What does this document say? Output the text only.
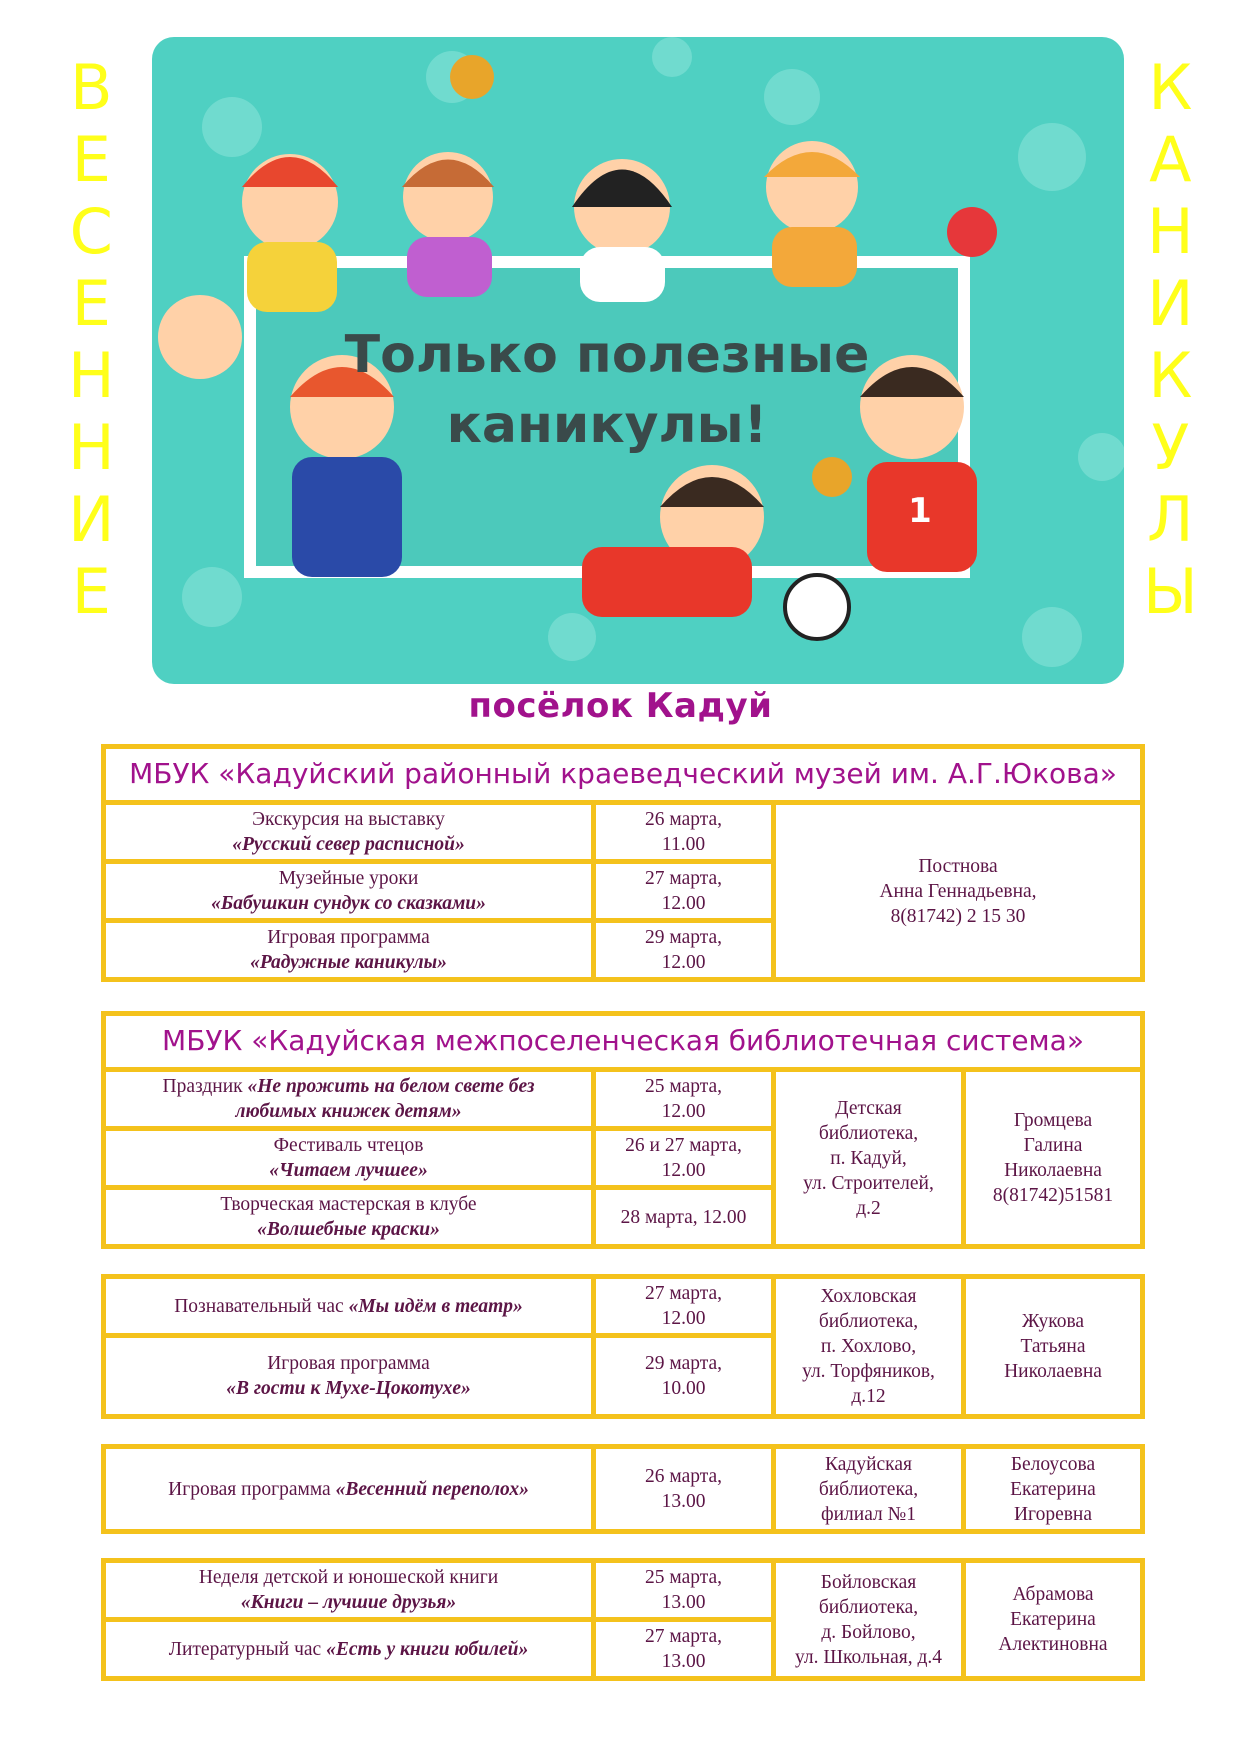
В
Е
С
Е
Н
Н
И
Е
К
А
Н
И
К
У
Л
Ы
Только полезные
каникулы!
1
посёлок Кадуй
МБУК «Кадуйский районный краеведческий музей им. А.Г.Юкова»
Экскурсия на выставку
«Русский север расписной»
26 марта,
11.00
Постнова
Анна Геннадьевна,
8(81742) 2 15 30
Музейные уроки
«Бабушкин сундук со сказками»
27 марта,
12.00
Игровая программа
«Радужные каникулы»
29 марта,
12.00
МБУК «Кадуйская межпоселенческая библиотечная система»
Праздник «Не прожить на белом свете без
любимых книжек детям»
25 марта,
12.00	Детская
библиотека,
п. Кадуй,
ул. Строителей,
д.2
Громцева
Галина
Николаевна
8(81742)51581
Фестиваль чтецов
«Читаем лучшее»
26 и 27 марта,
12.00
Творческая мастерская в клубе
«Волшебные краски»
28 марта, 12.00
Познавательный час «Мы идём в театр»
27 марта,
12.00
Хохловская
библиотека,
п. Хохлово,
ул. Торфяников,
д.12
Жукова
Татьяна
Николаевна
Игровая программа
«В гости к Мухе-Цокотухе»
29 марта,
10.00
Игровая программа «Весенний переполох»
26 марта,
13.00
Кадуйская
библиотека,
филиал №1
Белоусова
Екатерина
Игоревна
Неделя детской и юношеской книги
«Книги – лучшие друзья»
25 марта,
13.00
Бойловская
библиотека,
д. Бойлово,
ул. Школьная, д.4
Абрамова
Екатерина
Алектиновна
Литературный час «Есть у книги юбилей»
27 марта,
13.00
